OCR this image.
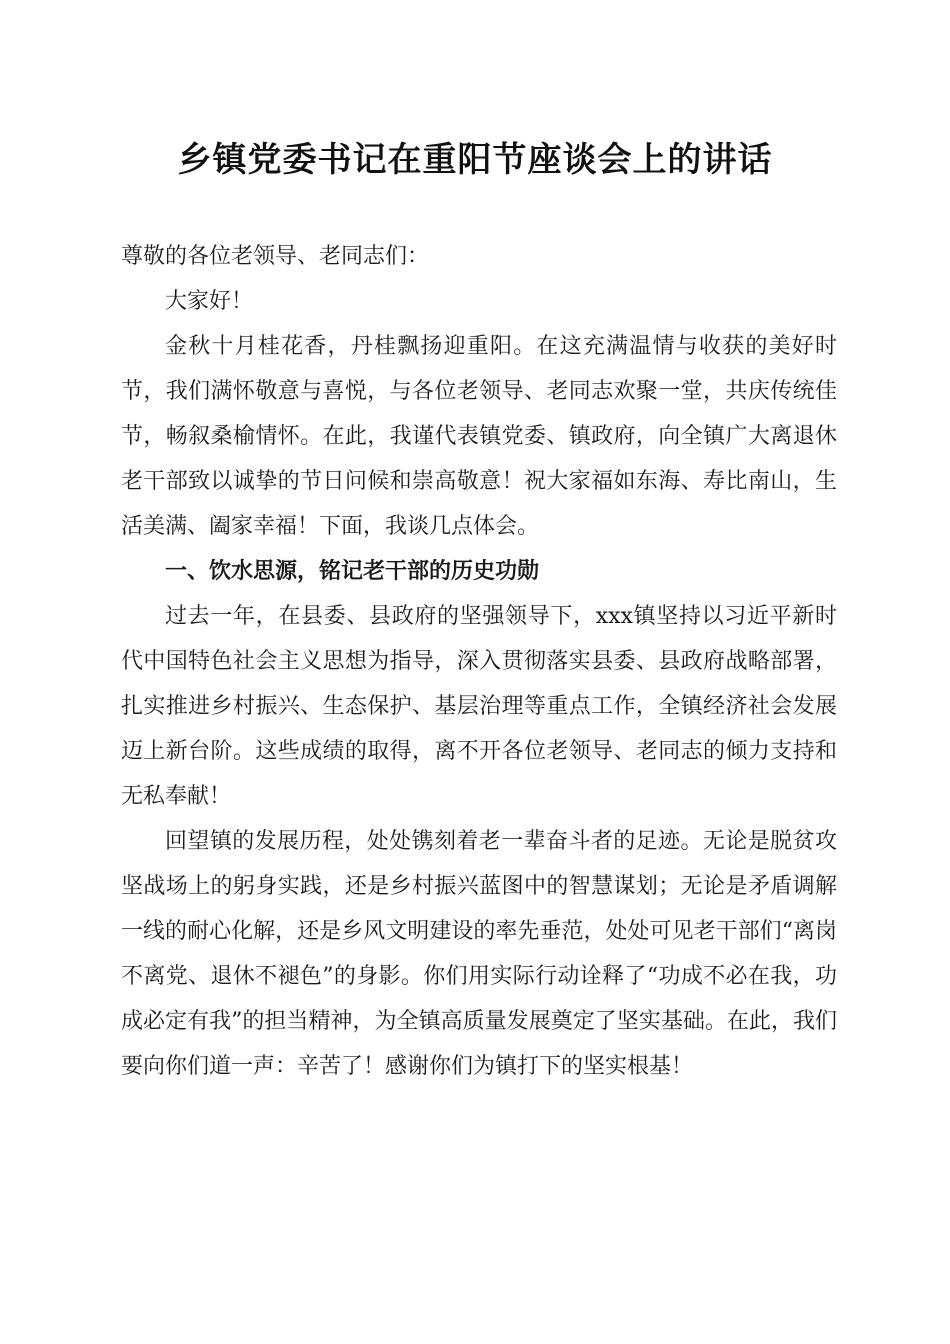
乡镇党委书记在重阳节座谈会上的讲话

尊敬的各位老领导、老同志们：

大家好！

金秋十月桂花香，丹桂飘扬迎重阳。在这充满温情与收获的美好时节，我们满怀敬意与喜悦，与各位老领导、老同志欢聚一堂，共庆传统佳节，畅叙桑榆情怀。在此，我谨代表镇党委、镇政府，向全镇广大离退休老干部致以诚挚的节日问候和崇高敬意！祝大家福如东海、寿比南山，生活美满、阖家幸福！下面，我谈几点体会。

一、饮水思源，铭记老干部的历史功勋

过去一年，在县委、县政府的坚强领导下，xxx镇坚持以习近平新时代中国特色社会主义思想为指导，深入贯彻落实县委、县政府战略部署，扎实推进乡村振兴、生态保护、基层治理等重点工作，全镇经济社会发展迈上新台阶。这些成绩的取得，离不开各位老领导、老同志的倾力支持和无私奉献！

回望镇的发展历程，处处镌刻着老一辈奋斗者的足迹。无论是脱贫攻坚战场上的躬身实践，还是乡村振兴蓝图中的智慧谋划；无论是矛盾调解一线的耐心化解，还是乡风文明建设的率先垂范，处处可见老干部们“离岗不离党、退休不褪色”的身影。你们用实际行动诠释了“功成不必在我，功成必定有我”的担当精神，为全镇高质量发展奠定了坚实基础。在此，我们要向你们道一声：辛苦了！感谢你们为镇打下的坚实根基！
